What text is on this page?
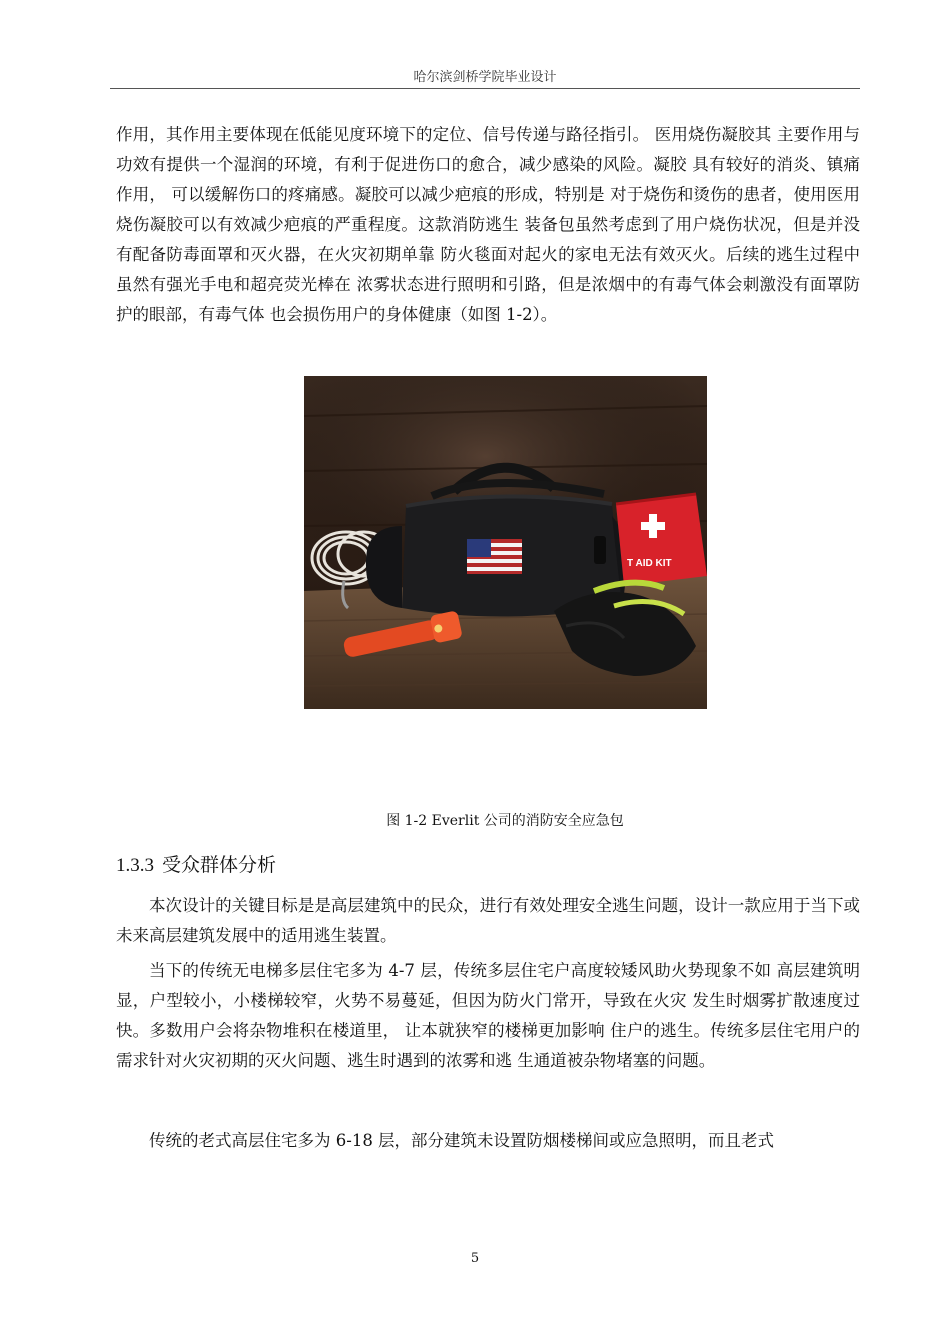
哈尔滨剑桥学院毕业设计
作用，其作用主要体现在低能见度环境下的定位、信号传递与路径指引。 医用烧伤凝胶其 主要作用与功效有提供一个湿润的环境，有利于促进伤口的愈合，减少感染的风险。凝胶 具有较好的消炎、镇痛作用， 可以缓解伤口的疼痛感。凝胶可以减少疤痕的形成，特别是 对于烧伤和烫伤的患者，使用医用烧伤凝胶可以有效减少疤痕的严重程度。这款消防逃生 装备包虽然考虑到了用户烧伤状况，但是并没有配备防毒面罩和灭火器，在火灾初期单靠 防火毯面对起火的家电无法有效灭火。后续的逃生过程中虽然有强光手电和超亮荧光棒在 浓雾状态进行照明和引路，但是浓烟中的有毒气体会刺激没有面罩防护的眼部，有毒气体 也会损伤用户的身体健康（如图 1-2）。
T AID KIT
图 1-2 Everlit 公司的消防安全应急包
1.3.3 受众群体分析
本次设计的关键目标是是高层建筑中的民众，进行有效处理安全逃生问题，设计一款应用于当下或未来高层建筑发展中的适用逃生装置。
当下的传统无电梯多层住宅多为 4-7 层，传统多层住宅户高度较矮风助火势现象不如 高层建筑明显，户型较小，小楼梯较窄，火势不易蔓延，但因为防火门常开，导致在火灾 发生时烟雾扩散速度过快。多数用户会将杂物堆积在楼道里， 让本就狭窄的楼梯更加影响 住户的逃生。传统多层住宅用户的需求针对火灾初期的灭火问题、逃生时遇到的浓雾和逃 生通道被杂物堵塞的问题。
传统的老式高层住宅多为 6-18 层，部分建筑未设置防烟楼梯间或应急照明，而且老式
5
